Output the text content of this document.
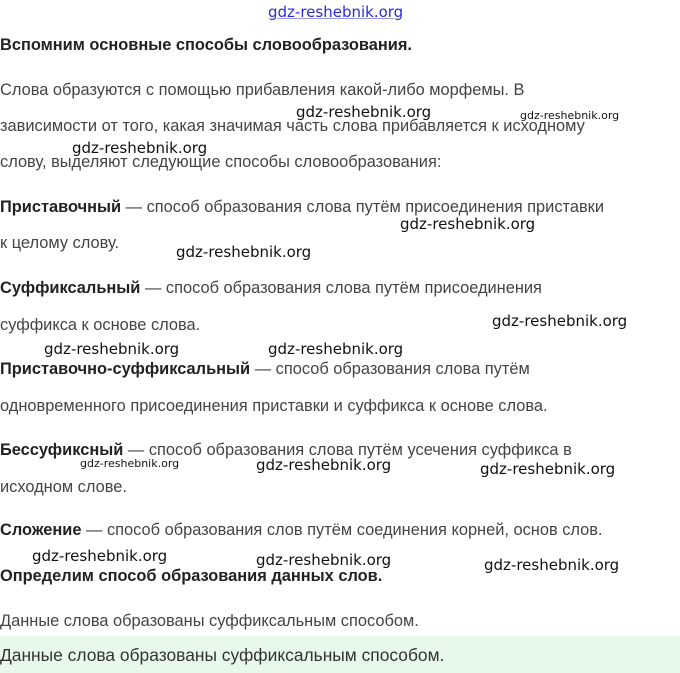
Вспомним основные способы словообразования.
Слова образуются с помощью прибавления какой-либо морфемы. В
зависимости от того, какая значимая часть слова прибавляется к исходному
слову, выделяют следующие способы словообразования:
Приставочный — способ образования слова путём присоединения приставки
к целому слову.
Суффиксальный — способ образования слова путём присоединения
суффикса к основе слова.
Приставочно-суффиксальный — способ образования слова путём
одновременного присоединения приставки и суффикса к основе слова.
Бессуфиксный — способ образования слова путём усечения суффикса в
исходном слове.
Сложение — способ образования слов путём соединения корней, основ слов.
Определим способ образования данных слов.
Данные слова образованы суффиксальным способом.
Данные слова образованы суффиксальным способом.
gdz-reshebnik.org
gdz-reshebnik.org	gdz-reshebnik.org
gdz-reshebnik.org
gdz-reshebnik.org
gdz-reshebnik.org
gdz-reshebnik.org
gdz-reshebnik.org	gdz-reshebnik.org
gdz-reshebnik.org	gdz-reshebnik.org	gdz-reshebnik.org
gdz-reshebnik.org	gdz-reshebnik.org	gdz-reshebnik.org
